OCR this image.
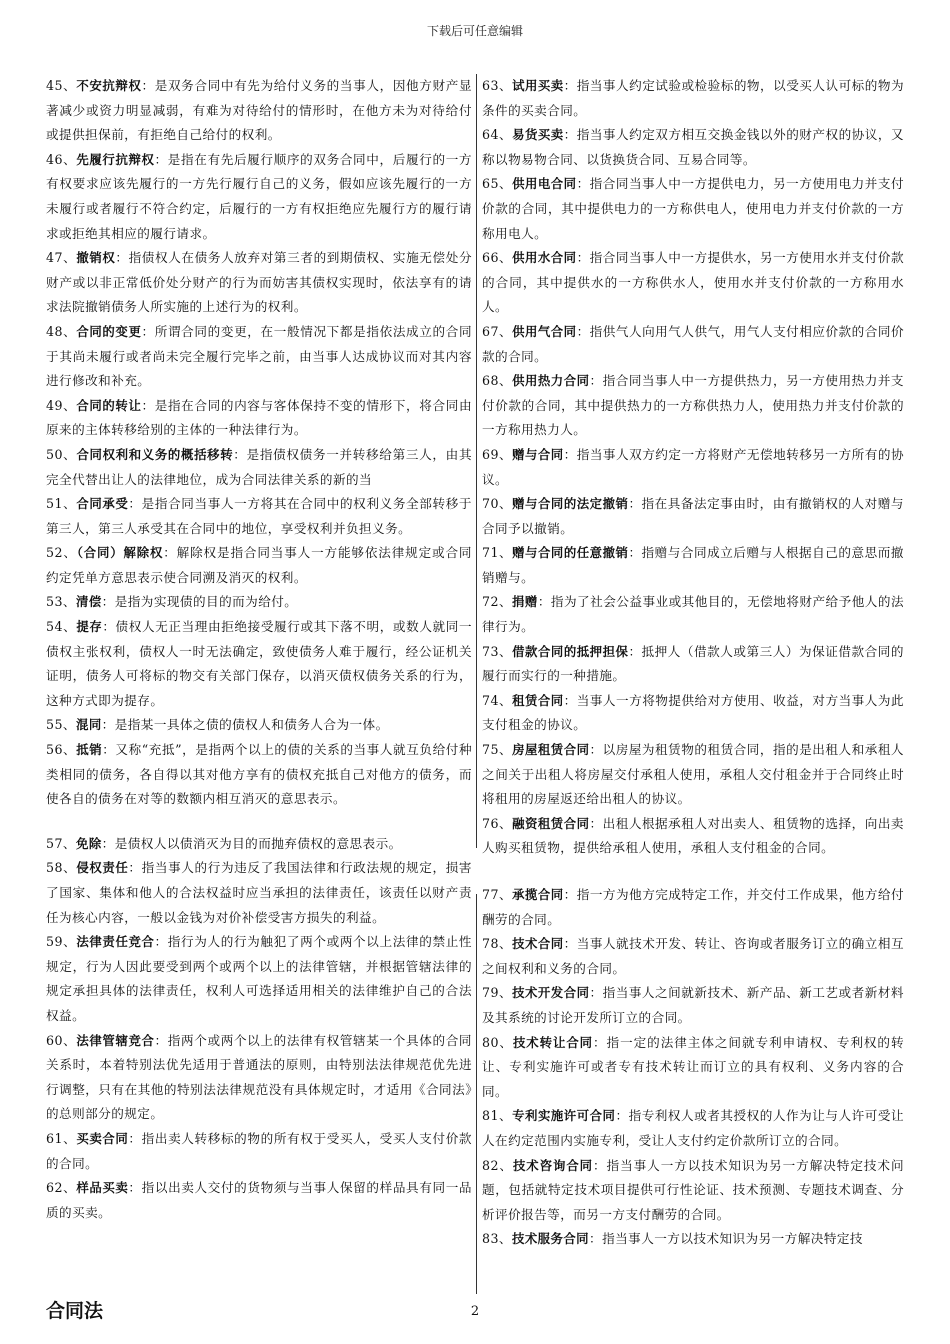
下载后可任意编辑

45、不安抗辩权：是双务合同中有先为给付义务的当事人，因他方财产显著减少或资力明显减弱，有难为对待给付的情形时，在他方未为对待给付或提供担保前，有拒绝自己给付的权利。

46、先履行抗辩权：是指在有先后履行顺序的双务合同中，后履行的一方有权要求应该先履行的一方先行履行自己的义务，假如应该先履行的一方未履行或者履行不符合约定，后履行的一方有权拒绝应先履行方的履行请求或拒绝其相应的履行请求。

47、撤销权：指债权人在债务人放弃对第三者的到期债权、实施无偿处分财产或以非正常低价处分财产的行为而妨害其债权实现时，依法享有的请求法院撤销债务人所实施的上述行为的权利。

48、合同的变更：所谓合同的变更，在一般情况下都是指依法成立的合同于其尚未履行或者尚未完全履行完毕之前，由当事人达成协议而对其内容进行修改和补充。

49、合同的转让：是指在合同的内容与客体保持不变的情形下，将合同由原来的主体转移给别的主体的一种法律行为。

50、合同权利和义务的概括移转：是指债权债务一并转移给第三人，由其完全代替出让人的法律地位，成为合同法律关系的新的当

51、合同承受：是指合同当事人一方将其在合同中的权利义务全部转移于第三人，第三人承受其在合同中的地位，享受权利并负担义务。

52、（合同）解除权：解除权是指合同当事人一方能够依法律规定或合同约定凭单方意思表示使合同溯及消灭的权利。

53、清偿：是指为实现债的目的而为给付。

54、提存：债权人无正当理由拒绝接受履行或其下落不明，或数人就同一债权主张权利，债权人一时无法确定，致使债务人难于履行，经公证机关证明，债务人可将标的物交有关部门保存，以消灭债权债务关系的行为，这种方式即为提存。

55、混同：是指某一具体之债的债权人和债务人合为一体。

56、抵销：又称“充抵”，是指两个以上的债的关系的当事人就互负给付种类相同的债务，各自得以其对他方享有的债权充抵自己对他方的债务，而使各自的债务在对等的数额内相互消灭的意思表示。

57、免除：是债权人以债消灭为目的而抛弃债权的意思表示。

58、侵权责任：指当事人的行为违反了我国法律和行政法规的规定，损害了国家、集体和他人的合法权益时应当承担的法律责任，该责任以财产责任为核心内容，一般以金钱为对价补偿受害方损失的利益。

59、法律责任竞合：指行为人的行为触犯了两个或两个以上法律的禁止性规定，行为人因此要受到两个或两个以上的法律管辖，并根据管辖法律的规定承担具体的法律责任，权利人可选择适用相关的法律维护自己的合法权益。

60、法律管辖竞合：指两个或两个以上的法律有权管辖某一个具体的合同关系时，本着特别法优先适用于普通法的原则，由特别法法律规范优先进行调整，只有在其他的特别法法律规范没有具体规定时，才适用《合同法》的总则部分的规定。

61、买卖合同：指出卖人转移标的物的所有权于受买人，受买人支付价款的合同。

62、样品买卖：指以出卖人交付的货物须与当事人保留的样品具有同一品质的买卖。

63、试用买卖：指当事人约定试验或检验标的物，以受买人认可标的物为条件的买卖合同。

64、易货买卖：指当事人约定双方相互交换金钱以外的财产权的协议，又称以物易物合同、以货换货合同、互易合同等。

65、供用电合同：指合同当事人中一方提供电力，另一方使用电力并支付价款的合同，其中提供电力的一方称供电人，使用电力并支付价款的一方称用电人。

66、供用水合同：指合同当事人中一方提供水，另一方使用水并支付价款的合同，其中提供水的一方称供水人，使用水并支付价款的一方称用水人。

67、供用气合同：指供气人向用气人供气，用气人支付相应价款的合同价款的合同。

68、供用热力合同：指合同当事人中一方提供热力，另一方使用热力并支付价款的合同，其中提供热力的一方称供热力人，使用热力并支付价款的一方称用热力人。

69、赠与合同：指当事人双方约定一方将财产无偿地转移另一方所有的协议。

70、赠与合同的法定撤销：指在具备法定事由时，由有撤销权的人对赠与合同予以撤销。

71、赠与合同的任意撤销：指赠与合同成立后赠与人根据自己的意思而撤销赠与。

72、捐赠：指为了社会公益事业或其他目的，无偿地将财产给予他人的法律行为。

73、借款合同的抵押担保：抵押人（借款人或第三人）为保证借款合同的履行而实行的一种措施。

74、租赁合同：当事人一方将物提供给对方使用、收益，对方当事人为此支付租金的协议。

75、房屋租赁合同：以房屋为租赁物的租赁合同，指的是出租人和承租人之间关于出租人将房屋交付承租人使用，承租人交付租金并于合同终止时将租用的房屋返还给出租人的协议。

76、融资租赁合同：出租人根据承租人对出卖人、租赁物的选择，向出卖人购买租赁物，提供给承租人使用，承租人支付租金的合同。

77、承揽合同：指一方为他方完成特定工作，并交付工作成果，他方给付酬劳的合同。

78、技术合同：当事人就技术开发、转让、咨询或者服务订立的确立相互之间权利和义务的合同。

79、技术开发合同：指当事人之间就新技术、新产品、新工艺或者新材料及其系统的讨论开发所订立的合同。

80、技术转让合同：指一定的法律主体之间就专利申请权、专利权的转让、专利实施许可或者专有技术转让而订立的具有权利、义务内容的合同。

81、专利实施许可合同：指专利权人或者其授权的人作为让与人许可受让人在约定范围内实施专利，受让人支付约定价款所订立的合同。

82、技术咨询合同：指当事人一方以技术知识为另一方解决特定技术问题，包括就特定技术项目提供可行性论证、技术预测、专题技术调查、分析评价报告等，而另一方支付酬劳的合同。

83、技术服务合同：指当事人一方以技术知识为另一方解决特定技

合同法	2
